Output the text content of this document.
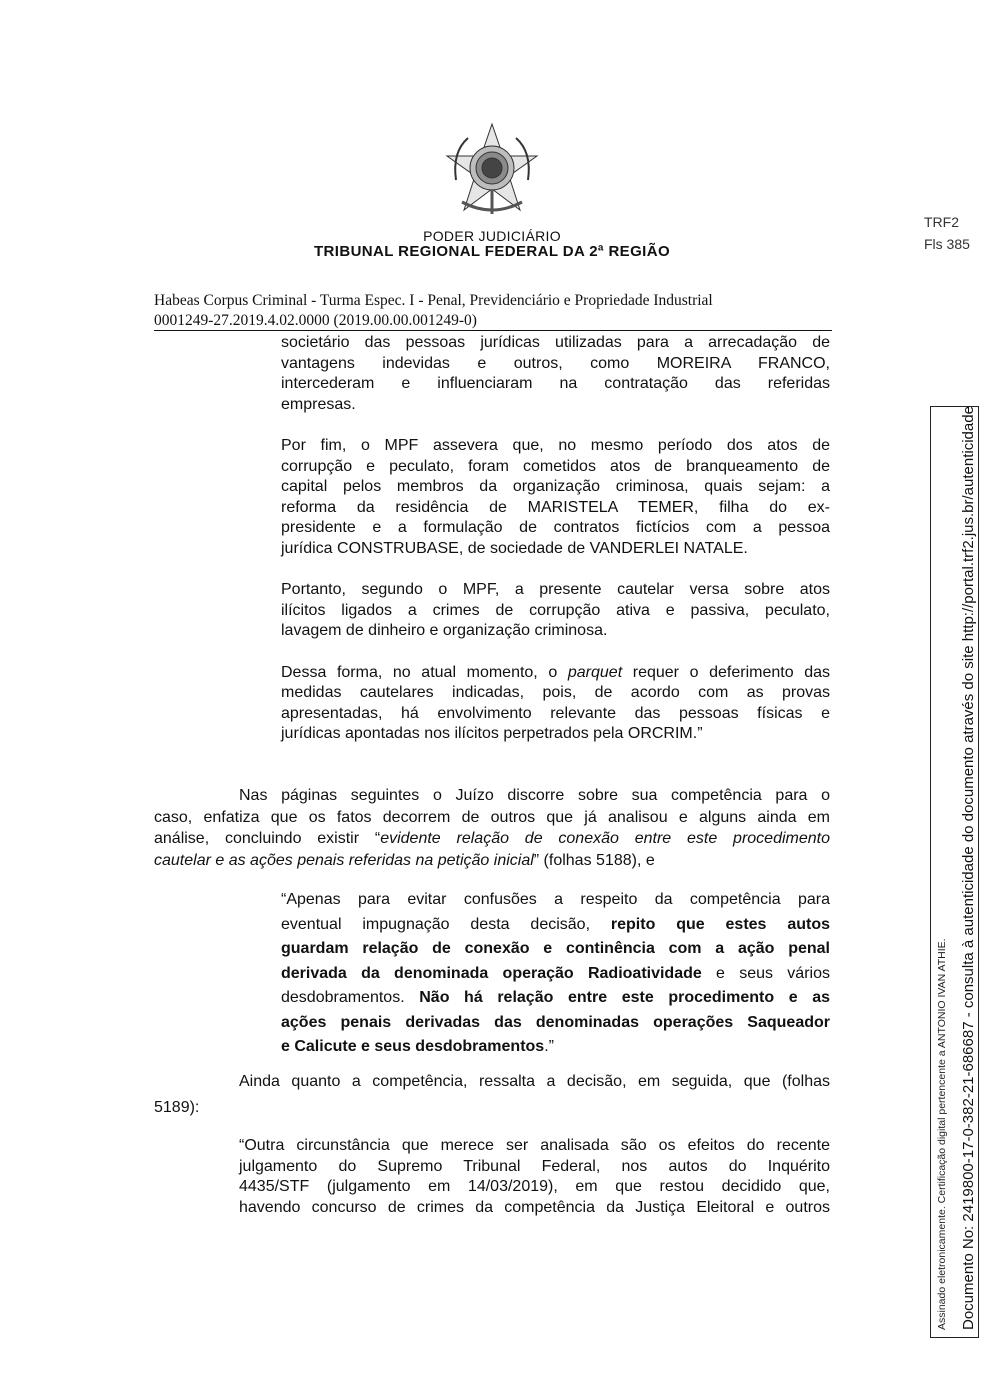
PODER JUDICIÁRIO
TRIBUNAL REGIONAL FEDERAL DA 2ª REGIÃO
TRF2
Fls 385
Habeas Corpus Criminal - Turma Espec. I - Penal, Previdenciário e Propriedade Industrial
0001249-27.2019.4.02.0000 (2019.00.00.001249-0)

societário das pessoas jurídicas utilizadas para a arrecadação de
vantagens indevidas e outros, como MOREIRA FRANCO,
intercederam e influenciaram na contratação das referidas
empresas.

Por fim, o MPF assevera que, no mesmo período dos atos de
corrupção e peculato, foram cometidos atos de branqueamento de
capital pelos membros da organização criminosa, quais sejam: a
reforma da residência de MARISTELA TEMER, filha do ex-
presidente e a formulação de contratos fictícios com a pessoa
jurídica CONSTRUBASE, de sociedade de VANDERLEI NATALE.

Portanto, segundo o MPF, a presente cautelar versa sobre atos
ilícitos ligados a crimes de corrupção ativa e passiva, peculato,
lavagem de dinheiro e organização criminosa.

Dessa forma, no atual momento, o parquet requer o deferimento das
medidas cautelares indicadas, pois, de acordo com as provas
apresentadas, há envolvimento relevante das pessoas físicas e
jurídicas apontadas nos ilícitos perpetrados pela ORCRIM.”

Nas páginas seguintes o Juízo discorre sobre sua competência para o
caso, enfatiza que os fatos decorrem de outros que já analisou e alguns ainda em
análise, concluindo existir “evidente relação de conexão entre este procedimento
cautelar e as ações penais referidas na petição inicial” (folhas 5188), e
“Apenas para evitar confusões a respeito da competência para
eventual impugnação desta decisão, repito que estes autos
guardam relação de conexão e continência com a ação penal
derivada da denominada operação Radioatividade e seus vários
desdobramentos. Não há relação entre este procedimento e as
ações penais derivadas das denominadas operações Saqueador
e Calicute e seus desdobramentos.”
Ainda quanto a competência, ressalta a decisão, em seguida, que (folhas
5189):
“Outra circunstância que merece ser analisada são os efeitos do recente
julgamento do Supremo Tribunal Federal, nos autos do Inquérito
4435/STF (julgamento em 14/03/2019), em que restou decidido que,
havendo concurso de crimes da competência da Justiça Eleitoral e outros	Assinado eletronicamente. Certificação digital pertencente a ANTONIO IVAN ATHIE. Documento No: 2419800-17-0-382-21-686687 - consulta à autenticidade do documento através do site http://portal.trf2.jus.br/autenticidade
